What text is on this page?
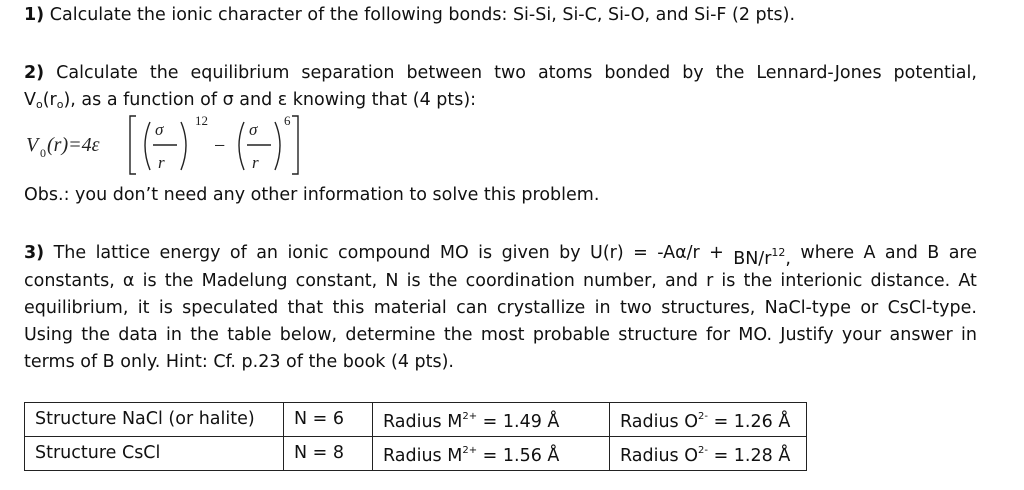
1) Calculate the ionic character of the following bonds: Si-Si, Si-C, Si-O, and Si-F (2 pts).
2) Calculate the equilibrium separation between two atoms bonded by the Lennard-Jones potential,
$V_o(r_o)$, as a function of σ and ε knowing that (4 pts):
V 0 (r)=4ε
σ
r
12
−
σ
r
6
Obs.: you don’t need any other information to solve this problem.
3) The lattice energy of an ionic compound MO is given by $U(r) = -A\alpha/r + BN/r^{12}$, where A and B are
constants, α is the Madelung constant, N is the coordination number, and r is the interionic distance. At
equilibrium, it is speculated that this material can crystallize in two structures, NaCl-type or CsCl-type.
Using the data in the table below, determine the most probable structure for MO. Justify your answer in
terms of B only. Hint: Cf. p.23 of the book (4 pts).
Structure NaCl (or halite)	N = 6	Radius $M^{2+} = 1.49$ Å	Radius $O^{2-} = 1.26$ Å
Structure CsCl	N = 8	Radius $M^{2+} = 1.56$ Å	Radius $O^{2-} = 1.28$ Å
